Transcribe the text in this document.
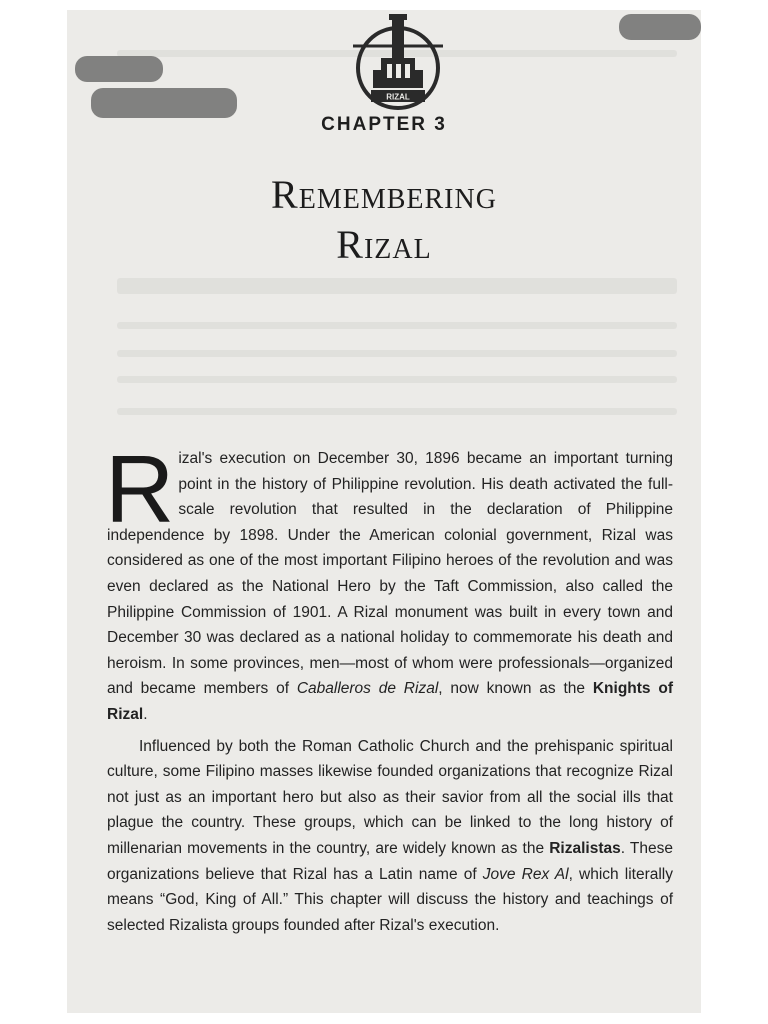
RIZAL
CHAPTER 3
Remembering
Rizal

Rizal's execution on December 30, 1896 became an important turning point in the history of Philippine revolution. His death activated the full-scale revolution that resulted in the declaration of Philippine independence by 1898. Under the American colonial government, Rizal was considered as one of the most important Filipino heroes of the revolution and was even declared as the National Hero by the Taft Commission, also called the Philippine Commission of 1901. A Rizal monument was built in every town and December 30 was declared as a national holiday to commemorate his death and heroism. In some provinces, men—most of whom were professionals—organized and became members of Caballeros de Rizal, now known as the Knights of Rizal.

Influenced by both the Roman Catholic Church and the prehispanic spiritual culture, some Filipino masses likewise founded organizations that recognize Rizal not just as an important hero but also as their savior from all the social ills that plague the country. These groups, which can be linked to the long history of millenarian movements in the country, are widely known as the Rizalistas. These organizations believe that Rizal has a Latin name of Jove Rex Al, which literally means “God, King of All.” This chapter will discuss the history and teachings of selected Rizalista groups founded after Rizal's execution.
